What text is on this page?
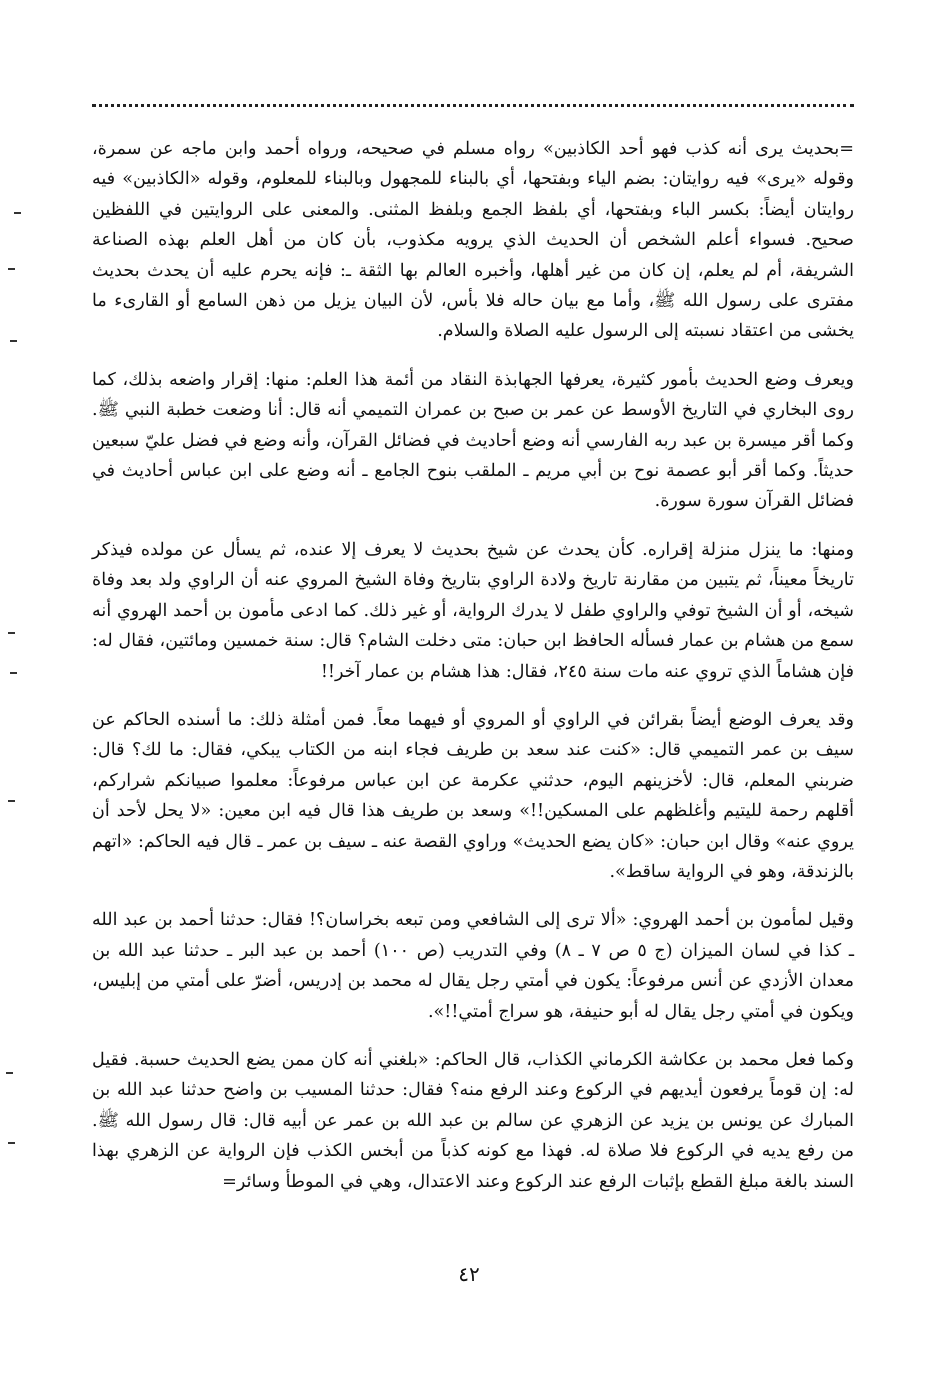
=بحديث يرى أنه كذب فهو أحد الكاذبين» رواه مسلم في صحيحه، ورواه أحمد وابن ماجه عن سمرة، وقوله «يرى» فيه روايتان: بضم الياء وبفتحها، أي بالبناء للمجهول وبالبناء للمعلوم، وقوله «الكاذبين» فيه روايتان أيضاً: بكسر الباء وبفتحها، أي بلفظ الجمع وبلفظ المثنى. والمعنى على الروايتين في اللفظين صحيح. فسواء أعلم الشخص أن الحديث الذي يرويه مكذوب، بأن كان من أهل العلم بهذه الصناعة الشريفة، أم لم يعلم، إن كان من غير أهلها، وأخبره العالم بها الثقة ـ: فإنه يحرم عليه أن يحدث بحديث مفترى على رسول الله ﷺ، وأما مع بيان حاله فلا بأس، لأن البيان يزيل من ذهن السامع أو القارىء ما يخشى من اعتقاد نسبته إلى الرسول عليه الصلاة والسلام.

ويعرف وضع الحديث بأمور كثيرة، يعرفها الجهابذة النقاد من أئمة هذا العلم: منها: إقرار واضعه بذلك، كما روى البخاري في التاريخ الأوسط عن عمر بن صبح بن عمران التميمي أنه قال: أنا وضعت خطبة النبي ﷺ. وكما أقر ميسرة بن عبد ربه الفارسي أنه وضع أحاديث في فضائل القرآن، وأنه وضع في فضل عليّ سبعين حديثاً. وكما أقر أبو عصمة نوح بن أبي مريم ـ الملقب بنوح الجامع ـ أنه وضع على ابن عباس أحاديث في فضائل القرآن سورة سورة.

ومنها: ما ينزل منزلة إقراره. كأن يحدث عن شيخ بحديث لا يعرف إلا عنده، ثم يسأل عن مولده فيذكر تاريخاً معيناً، ثم يتبين من مقارنة تاريخ ولادة الراوي بتاريخ وفاة الشيخ المروي عنه أن الراوي ولد بعد وفاة شيخه، أو أن الشيخ توفي والراوي طفل لا يدرك الرواية، أو غير ذلك. كما ادعى مأمون بن أحمد الهروي أنه سمع من هشام بن عمار فسأله الحافظ ابن حبان: متى دخلت الشام؟ قال: سنة خمسين ومائتين، فقال له: فإن هشاماً الذي تروي عنه مات سنة ٢٤٥، فقال: هذا هشام بن عمار آخر!!

وقد يعرف الوضع أيضاً بقرائن في الراوي أو المروي أو فيهما معاً. فمن أمثلة ذلك: ما أسنده الحاكم عن سيف بن عمر التميمي قال: «كنت عند سعد بن طريف فجاء ابنه من الكتاب يبكي، فقال: ما لك؟ قال: ضربني المعلم، قال: لأخزينهم اليوم، حدثني عكرمة عن ابن عباس مرفوعاً: معلموا صبيانكم شراركم، أقلهم رحمة لليتيم وأغلظهم على المسكين!!» وسعد بن طريف هذا قال فيه ابن معين: «لا يحل لأحد أن يروي عنه» وقال ابن حبان: «كان يضع الحديث» وراوي القصة عنه ـ سيف بن عمر ـ قال فيه الحاكم: «اتهم بالزندقة، وهو في الرواية ساقط».

وقيل لمأمون بن أحمد الهروي: «ألا ترى إلى الشافعي ومن تبعه بخراسان؟! فقال: حدثنا أحمد بن عبد الله ـ كذا في لسان الميزان (ج ٥ ص ٧ ـ ٨) وفي التدريب (ص ١٠٠) أحمد بن عبد البر ـ حدثنا عبد الله بن معدان الأزدي عن أنس مرفوعاً: يكون في أمتي رجل يقال له محمد بن إدريس، أضرّ على أمتي من إبليس، ويكون في أمتي رجل يقال له أبو حنيفة، هو سراج أمتي!!».

وكما فعل محمد بن عكاشة الكرماني الكذاب، قال الحاكم: «بلغني أنه كان ممن يضع الحديث حسبة. فقيل له: إن قوماً يرفعون أيديهم في الركوع وعند الرفع منه؟ فقال: حدثنا المسيب بن واضح حدثنا عبد الله بن المبارك عن يونس بن يزيد عن الزهري عن سالم بن عبد الله بن عمر عن أبيه قال: قال رسول الله ﷺ. من رفع يديه في الركوع فلا صلاة له. فهذا مع كونه كذباً من أبخس الكذب فإن الرواية عن الزهري بهذا السند بالغة مبلغ القطع بإثبات الرفع عند الركوع وعند الاعتدال، وهي في الموطأ وسائر=

٤٢
